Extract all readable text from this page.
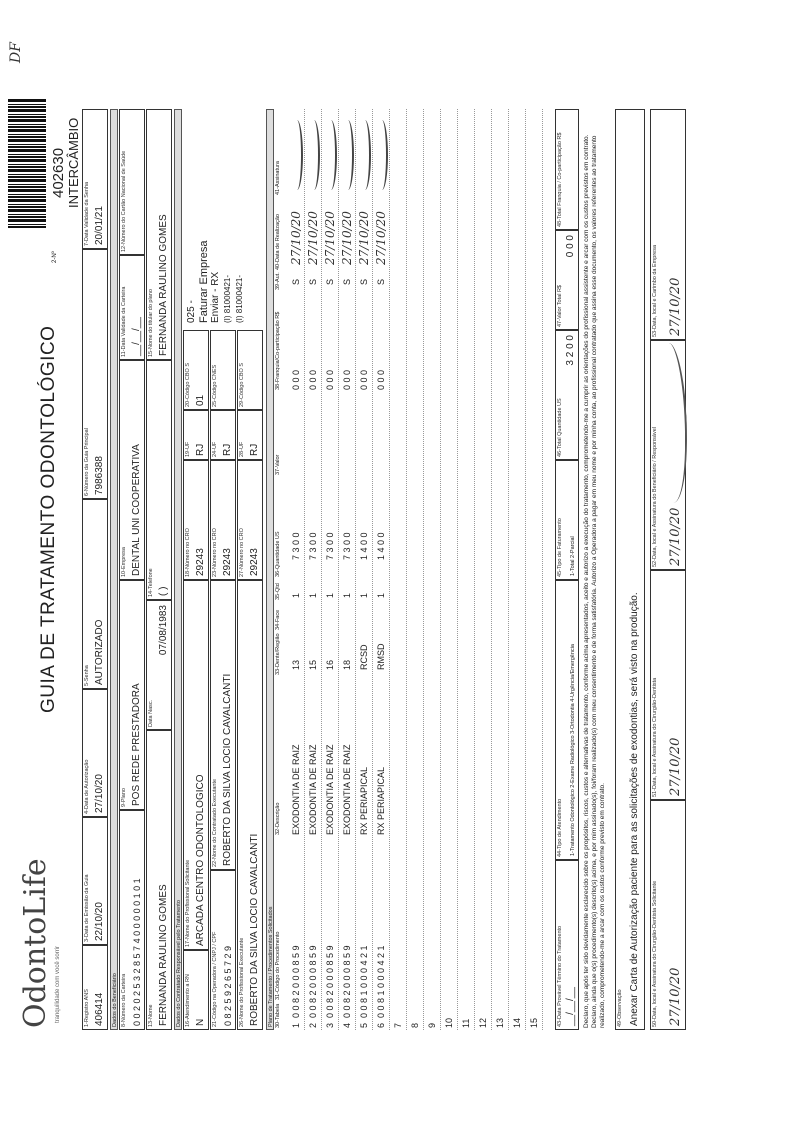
OdontoLife tranquilidade com você sorrir
GUIA DE TRATAMENTO ODONTOLÓGICO
2-Nº
402630 INTERCÂMBIO
DF
1-Registro ANS 406414
3-Data de Emissão da Guia 22/10/20
4-Data de Autorização 27/10/20
5-Senha AUTORIZADO
6-Número da Guia Principal 7986388
7-Data Validade da Senha 20/01/21
Dados do Beneficiário 8-Número da Carteira 0 0 2 0 2 5 3 2 8 5 7 4 0 0 0 0 0 1 0 1
9-Plano POS REDE PRESTADORA
10-Empresa DENTAL UNI COOPERATIVA
11-Data Validade da Carteira __/__/__
12-Número do Cartão Nacional de Saúde
13-Nome FERNANDA RAULINO GOMES
Data Nasc.
07/08/1983
14-Telefone ( )
15-Nome do titular do plano FERNANDA RAULINO GOMES
Dados do Contratado Responsável pelo Tratamento 16-Atendimento a RN N
17-Nome do Profissional Solicitante ARCADA CENTRO ODONTOLOGICO
18-Número no CRO 29243
19-UF RJ
20-Código CBO S 01
21-Código na Operadora / CNPJ / CPF 0 8 2 5 9 2 6 5 7 2 9
22-Nome do Contratado Executante ROBERTO DA SILVA LOCIO CAVALCANTI
23-Número no CRO 29243
24-UF RJ
25-Código CNES
26-Nome do Profissional Executante ROBERTO DA SILVA LOCIO CAVALCANTI
27-Número no CRO 29243
28-UF RJ
29-Código CBO S
025 - Faturar Empresa Enviar - RX (I) 81000421- (I) 81000421-
Plano de Tratamento / Procedimentos Solicitados 30-Tabela
31-Código do Procedimento
32-Descrição
33-Dente/Região
34-Face
35-Qtd
36-Quantidade US
37-Valor
38-Franquia/Co-participação R$
39-Aut.
40-Data de Realização
41-Assinatura
1
0 0 8 2 0 0 0 8 5 9
EXODONTIA DE RAIZ
13
1
7 3 0 0
0 0 0
S
27/10/20
2
0 0 8 2 0 0 0 8 5 9
EXODONTIA DE RAIZ
15
1
7 3 0 0
0 0 0
S
27/10/20
3
0 0 8 2 0 0 0 8 5 9
EXODONTIA DE RAIZ
16
1
7 3 0 0
0 0 0
S
27/10/20
4
0 0 8 2 0 0 0 8 5 9
EXODONTIA DE RAIZ
18
1
7 3 0 0
0 0 0
S
27/10/20
5
0 0 8 1 0 0 0 4 2 1
RX PERIAPICAL
RCSD
1
1 4 0 0
0 0 0
S
27/10/20
6
0 0 8 1 0 0 0 4 2 1
RX PERIAPICAL
RMSD
1
1 4 0 0
0 0 0
S
27/10/20
7 8 9 10 11 12 13 14 15	43-Data Provável Término do Tratamento __/__/__
44-Tipo de Atendimento 1-Tratamento Odontológico 2-Exame Radiológico 3-Ortodontia 4-Urgência/Emergência
45-Tipo de Faturamento 1-Total 2-Parcial
46-Total Quantidade US
3 2 0 0
47-Valor Total R$
0 0 0
48-Total Franquia / Co-participação R$	Declaro, que após ter sido devidamente esclarecido sobre os propósitos, riscos, custos e alternativas de tratamento, conforme acima apresentados, aceito e autorizo a execução do tratamento, comprometendo-me a cumprir as orientações do profissional assistente e arcar com os custos previstos em contrato. Declaro, ainda que o(s) procedimento(s) descrito(s) acima, e por mim assinado(s), foi/foram realizado(s) com meu consentimento e de forma satisfatória. Autorizo a Operadora a pagar em meu nome e por minha conta, ao profissional contratado que assina esse documento, os valores referentes ao tratamento realizado, comprometendo-me a arcar com os custos conforme previsto em contrato. 49-Observação Anexar Carta de Autorização paciente para as solicitações de exodontias, será visto na produção. 50-Data, local e Assinatura do Cirurgião-Dentista Solicitante 27/10/20
51-Data, local e Assinatura do Cirurgião-Dentista 27/10/20
52-Data, local e Assinatura do Beneficiário / Responsável 27/10/20
53-Data, local e Carimbo da Empresa 27/10/20
